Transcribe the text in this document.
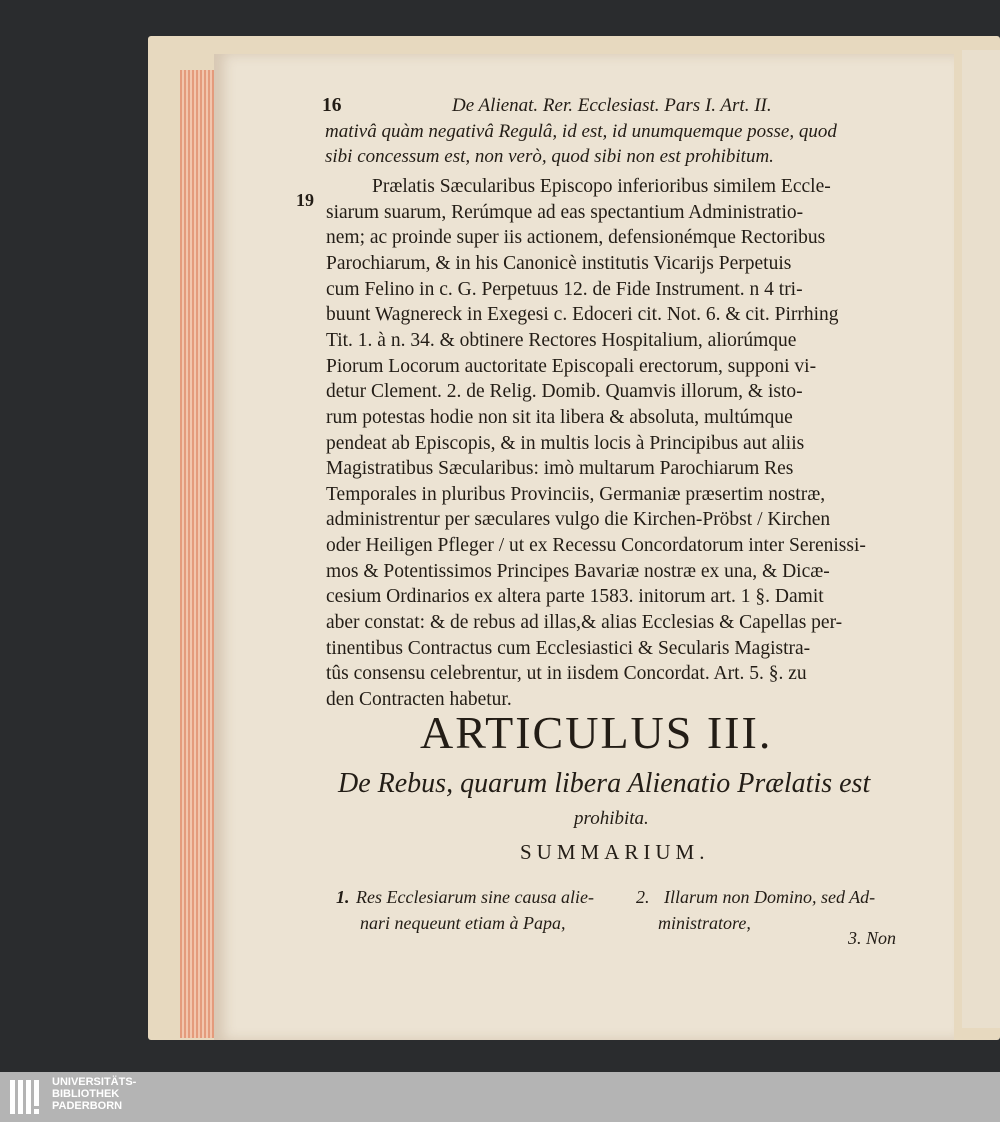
16	De Alienat. Rer. Ecclesiast. Pars I. Art. II.
mativâ quàm negativâ Regulâ, id est, id unumquemque posse, quod
sibi concessum est, non verò, quod sibi non est prohibitum.
19
Prælatis Sæcularibus Episcopo inferioribus similem Eccle-
siarum suarum, Rerúmque ad eas spectantium Administratio-
nem; ac proinde super iis actionem, defensionémque Rectoribus
Parochiarum, & in his Canonicè institutis Vicarijs Perpetuis
cum Felino in c. G. Perpetuus 12. de Fide Instrument. n 4 tri-
buunt Wagnereck in Exegesi c. Edoceri cit. Not. 6. & cit. Pirrhing
Tit. 1. à n. 34. & obtinere Rectores Hospitalium, aliorúmque
Piorum Locorum auctoritate Episcopali erectorum, supponi vi-
detur Clement. 2. de Relig. Domib. Quamvis illorum, & isto-
rum potestas hodie non sit ita libera & absoluta, multúmque
pendeat ab Episcopis, & in multis locis à Principibus aut aliis
Magistratibus Sæcularibus: imò multarum Parochiarum Res
Temporales in pluribus Provinciis, Germaniæ præsertim nostræ,
administrentur per sæculares vulgo die Kirchen-Pröbst / Kirchen
oder Heiligen Pfleger / ut ex Recessu Concordatorum inter Serenissi-
mos & Potentissimos Principes Bavariæ nostræ ex una, & Dicæ-
cesium Ordinarios ex altera parte 1583. initorum art. 1 §. Damit
aber constat: & de rebus ad illas,& alias Ecclesias & Capellas per-
tinentibus Contractus cum Ecclesiastici & Secularis Magistra-
tûs consensu celebrentur, ut in iisdem Concordat. Art. 5. §. zu
den Contracten habetur.
ARTICULUS III.
De Rebus, quarum libera Alienatio Prælatis est
prohibita.
SUMMARIUM.
1. Res Ecclesiarum sine causa alie-
nari nequeunt etiam à Papa,
2. Illarum non Domino, sed Ad-
ministratore,
3. Non
UNIVERSITÄTS-
BIBLIOTHEK
PADERBORN
